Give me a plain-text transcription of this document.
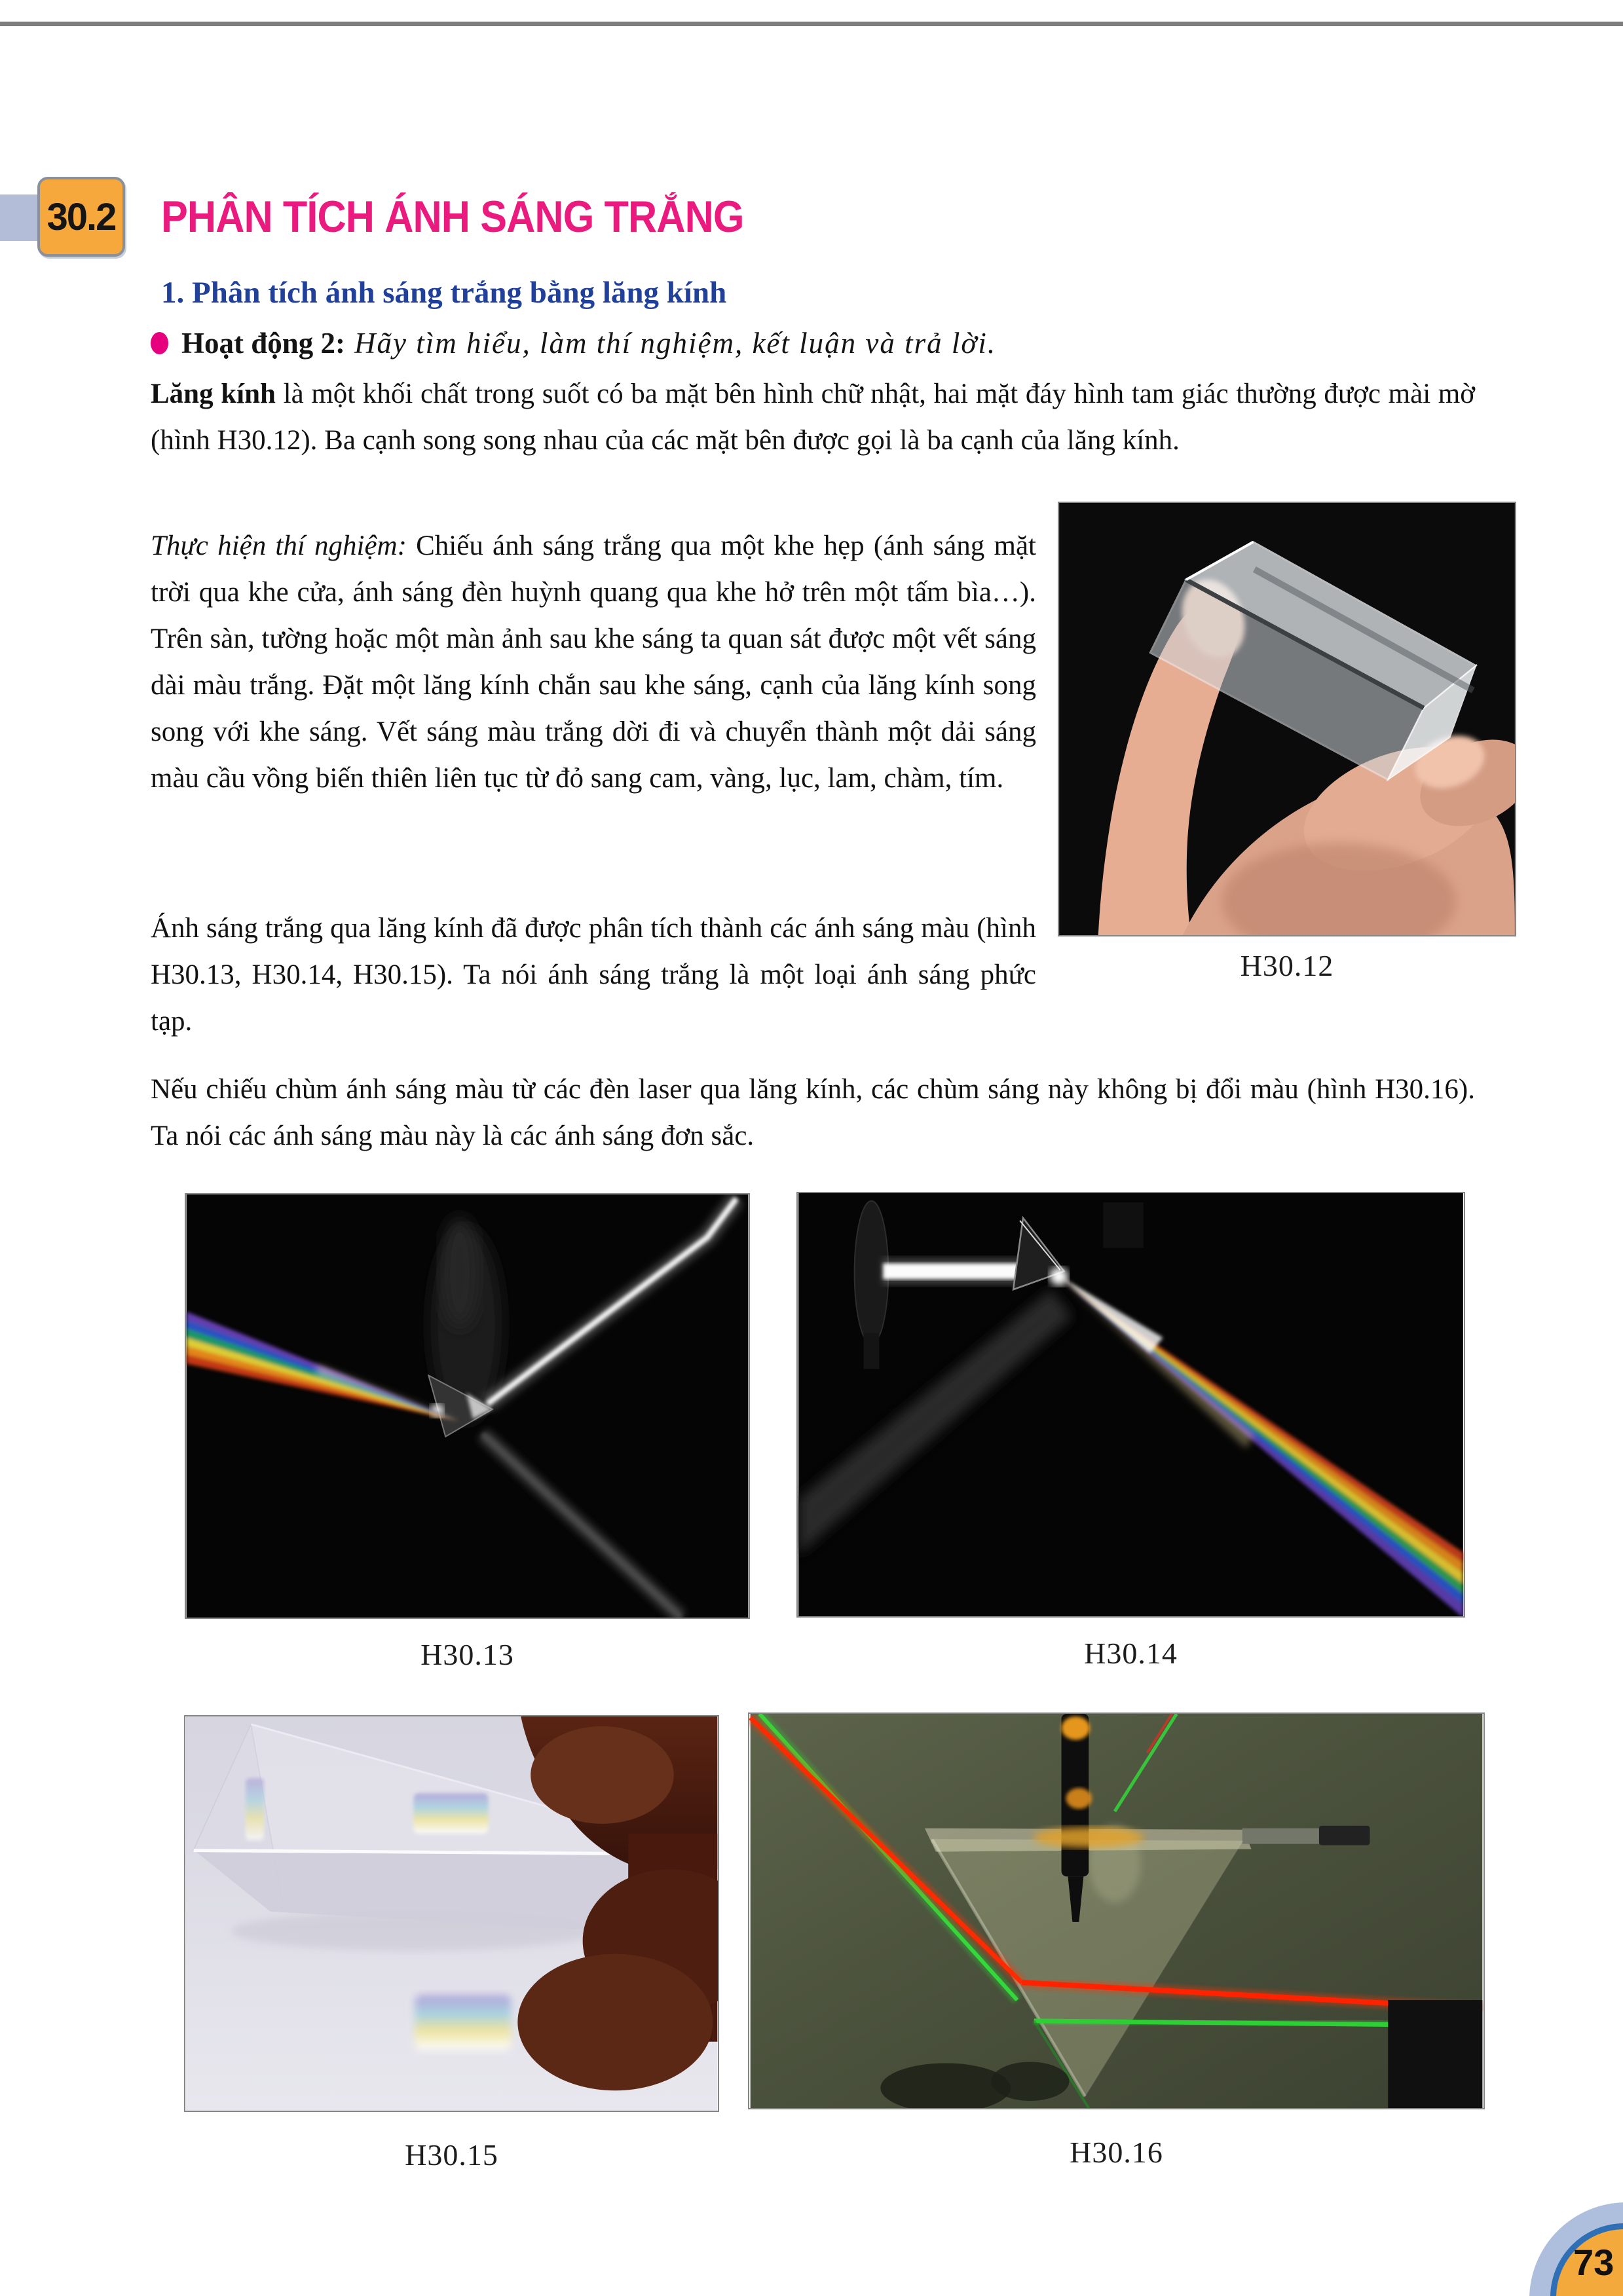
30.2 PHÂN TÍCH ÁNH SÁNG TRẮNG
1. Phân tích ánh sáng trắng bằng lăng kính
Hoạt động 2: Hãy tìm hiểu, làm thí nghiệm, kết luận và trả lời.

Lăng kính là một khối chất trong suốt có ba mặt bên hình chữ nhật, hai mặt đáy hình tam giác thường được mài mờ (hình H30.12). Ba cạnh song song nhau của các mặt bên được gọi là ba cạnh của lăng kính.

Thực hiện thí nghiệm: Chiếu ánh sáng trắng qua một khe hẹp (ánh sáng mặt trời qua khe cửa, ánh sáng đèn huỳnh quang qua khe hở trên một tấm bìa…). Trên sàn, tường hoặc một màn ảnh sau khe sáng ta quan sát được một vết sáng dài màu trắng. Đặt một lăng kính chắn sau khe sáng, cạnh của lăng kính song song với khe sáng. Vết sáng màu trắng dời đi và chuyển thành một dải sáng màu cầu vồng biến thiên liên tục từ đỏ sang cam, vàng, lục, lam, chàm, tím.

Ánh sáng trắng qua lăng kính đã được phân tích thành các ánh sáng màu (hình H30.13, H30.14, H30.15). Ta nói ánh sáng trắng là một loại ánh sáng phức tạp.

Nếu chiếu chùm ánh sáng màu từ các đèn laser qua lăng kính, các chùm sáng này không bị đổi màu (hình H30.16). Ta nói các ánh sáng màu này là các ánh sáng đơn sắc.

H30.12
H30.13	H30.14
H30.15	H30.16
73
